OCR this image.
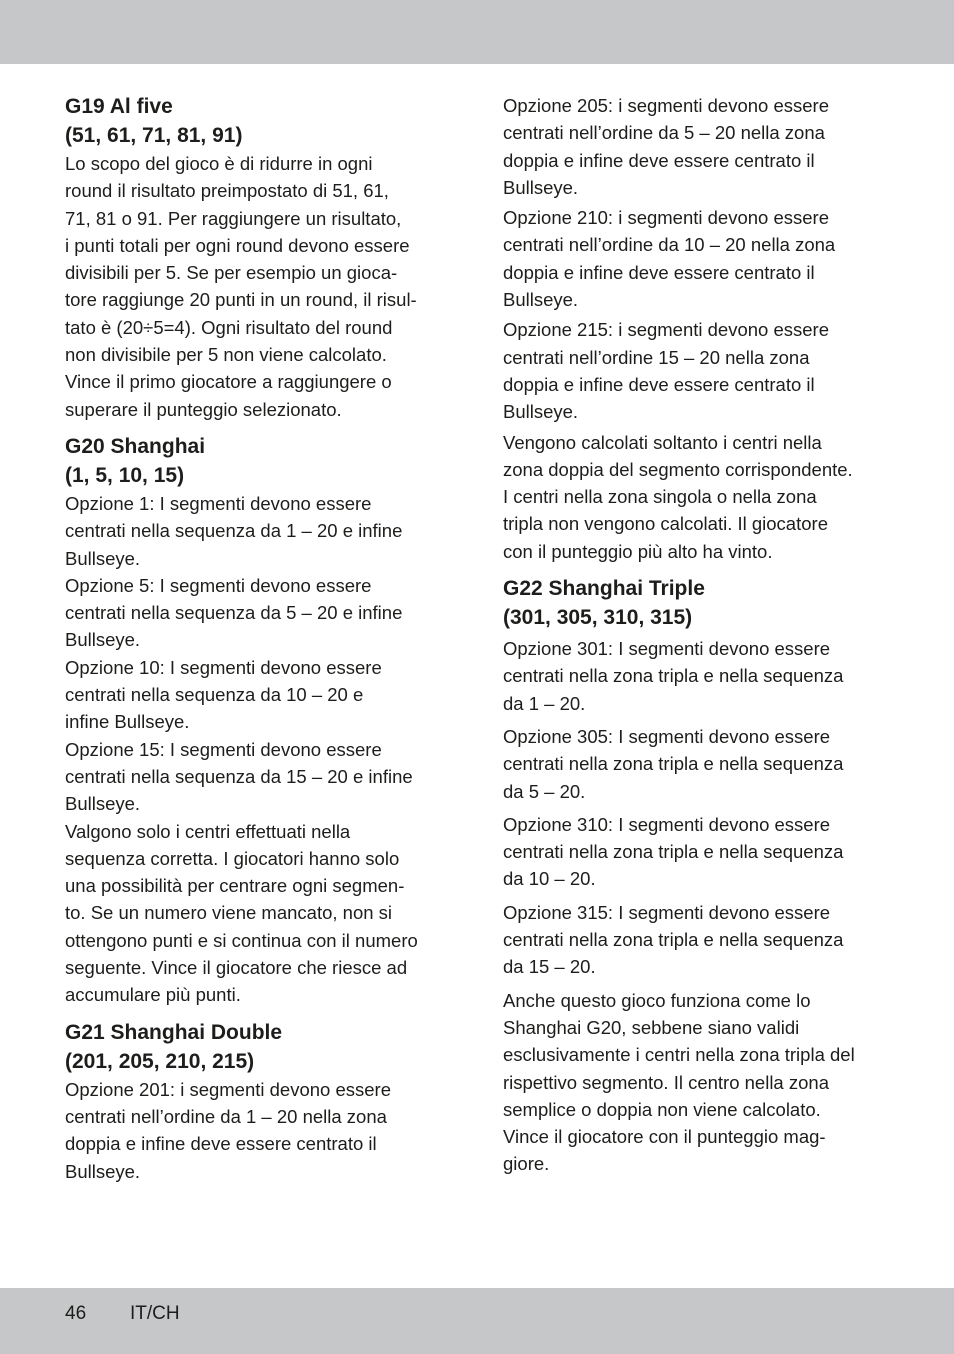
G19 Al five
(51, 61, 71, 81, 91)

Lo scopo del gioco è di ridurre in ogni
round il risultato preimpostato di 51, 61,
71, 81 o 91. Per raggiungere un risultato,
i punti totali per ogni round devono essere
divisibili per 5. Se per esempio un gioca-
tore raggiunge 20 punti in un round, il risul-
tato è (20÷5=4). Ogni risultato del round
non divisibile per 5 non viene calcolato.
Vince il primo giocatore a raggiungere o
superare il punteggio selezionato.

G20 Shanghai
(1, 5, 10, 15)

Opzione 1: I segmenti devono essere
centrati nella sequenza da 1 – 20 e infine
Bullseye.

Opzione 5: I segmenti devono essere
centrati nella sequenza da 5 – 20 e infine
Bullseye.

Opzione 10: I segmenti devono essere
centrati nella sequenza da 10 – 20 e
infine Bullseye.

Opzione 15: I segmenti devono essere
centrati nella sequenza da 15 – 20 e infine
Bullseye.

Valgono solo i centri effettuati nella
sequenza corretta. I giocatori hanno solo
una possibilità per centrare ogni segmen-
to. Se un numero viene mancato, non si
ottengono punti e si continua con il numero
seguente. Vince il giocatore che riesce ad
accumulare più punti.

G21 Shanghai Double
(201, 205, 210, 215)

Opzione 201: i segmenti devono essere
centrati nell’ordine da 1 – 20 nella zona
doppia e infine deve essere centrato il
Bullseye.

Opzione 205: i segmenti devono essere
centrati nell’ordine da 5 – 20 nella zona
doppia e infine deve essere centrato il
Bullseye.

Opzione 210: i segmenti devono essere
centrati nell’ordine da 10 – 20 nella zona
doppia e infine deve essere centrato il
Bullseye.

Opzione 215: i segmenti devono essere
centrati nell’ordine 15 – 20 nella zona
doppia e infine deve essere centrato il
Bullseye.

Vengono calcolati soltanto i centri nella
zona doppia del segmento corrispondente.
I centri nella zona singola o nella zona
tripla non vengono calcolati. Il giocatore
con il punteggio più alto ha vinto.

G22 Shanghai Triple
(301, 305, 310, 315)

Opzione 301: I segmenti devono essere
centrati nella zona tripla e nella sequenza
da 1 – 20.

Opzione 305: I segmenti devono essere
centrati nella zona tripla e nella sequenza
da 5 – 20.

Opzione 310: I segmenti devono essere
centrati nella zona tripla e nella sequenza
da 10 – 20.

Opzione 315: I segmenti devono essere
centrati nella zona tripla e nella sequenza
da 15 – 20.

Anche questo gioco funziona come lo
Shanghai G20, sebbene siano validi
esclusivamente i centri nella zona tripla del
rispettivo segmento. Il centro nella zona
semplice o doppia non viene calcolato.
Vince il giocatore con il punteggio mag-
giore.

46 IT/CH
